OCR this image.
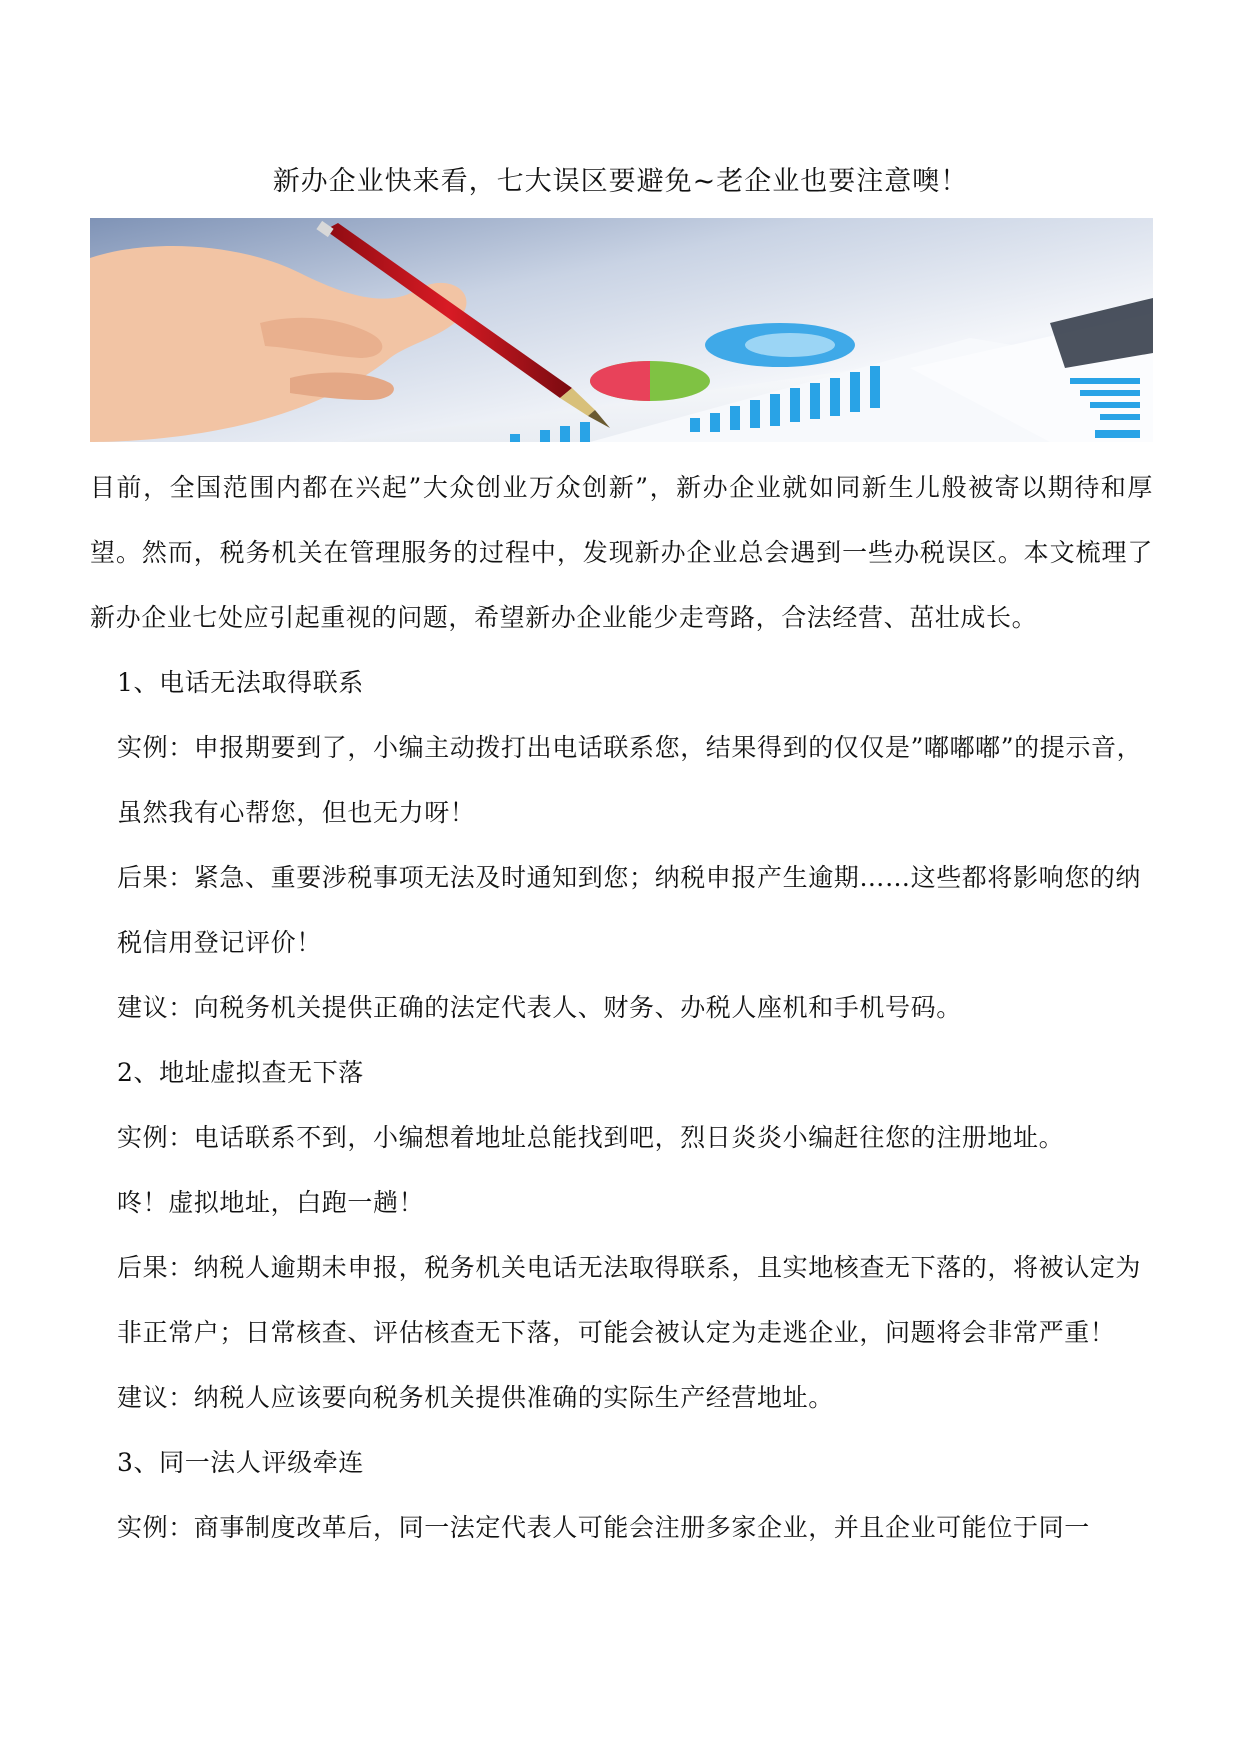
新办企业快来看，七大误区要避免~老企业也要注意噢！

目前，全国范围内都在兴起”大众创业万众创新”，新办企业就如同新生儿般被寄以期待和厚望。然而，税务机关在管理服务的过程中，发现新办企业总会遇到一些办税误区。本文梳理了新办企业七处应引起重视的问题，希望新办企业能少走弯路，合法经营、茁壮成长。

1、电话无法取得联系

实例：申报期要到了，小编主动拨打出电话联系您，结果得到的仅仅是”嘟嘟嘟”的提示音，虽然我有心帮您，但也无力呀！

后果：紧急、重要涉税事项无法及时通知到您；纳税申报产生逾期……这些都将影响您的纳税信用登记评价！

建议：向税务机关提供正确的法定代表人、财务、办税人座机和手机号码。

2、地址虚拟查无下落

实例：电话联系不到，小编想着地址总能找到吧，烈日炎炎小编赶往您的注册地址。

咚！虚拟地址，白跑一趟！

后果：纳税人逾期未申报，税务机关电话无法取得联系，且实地核查无下落的，将被认定为非正常户；日常核查、评估核查无下落，可能会被认定为走逃企业，问题将会非常严重！

建议：纳税人应该要向税务机关提供准确的实际生产经营地址。

3、同一法人评级牵连

实例：商事制度改革后，同一法定代表人可能会注册多家企业，并且企业可能位于同一
